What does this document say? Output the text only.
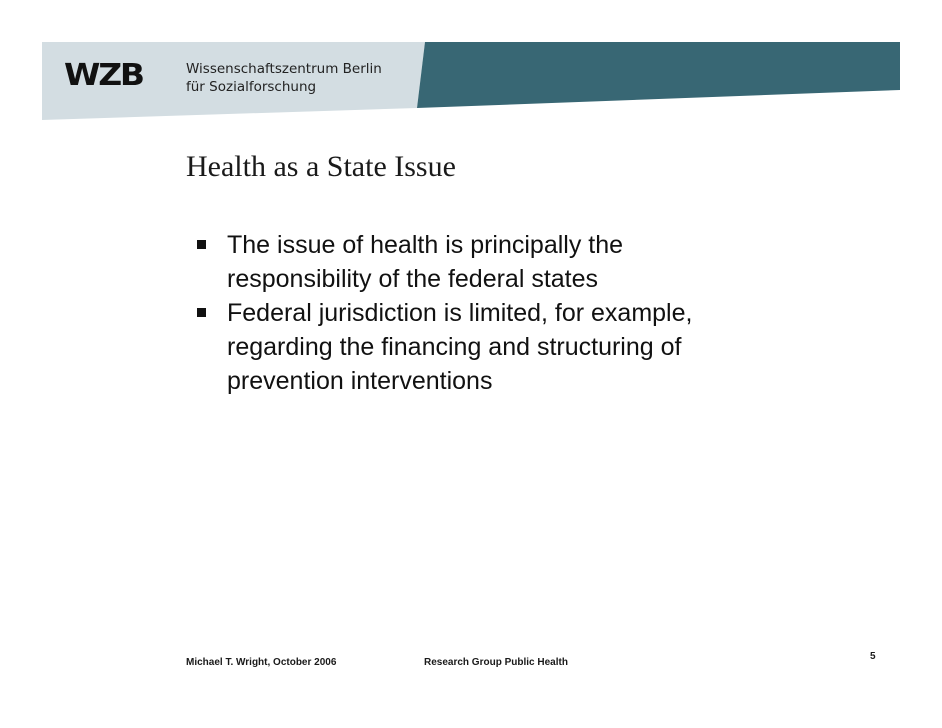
WZB	Wissenschaftszentrum Berlin
für Sozialforschung
Health as a State Issue
The issue of health is principally the responsibility of the federal states
Federal jurisdiction is limited, for example, regarding the financing and structuring of prevention interventions
Michael T. Wright, October 2006	Research Group Public Health
5
